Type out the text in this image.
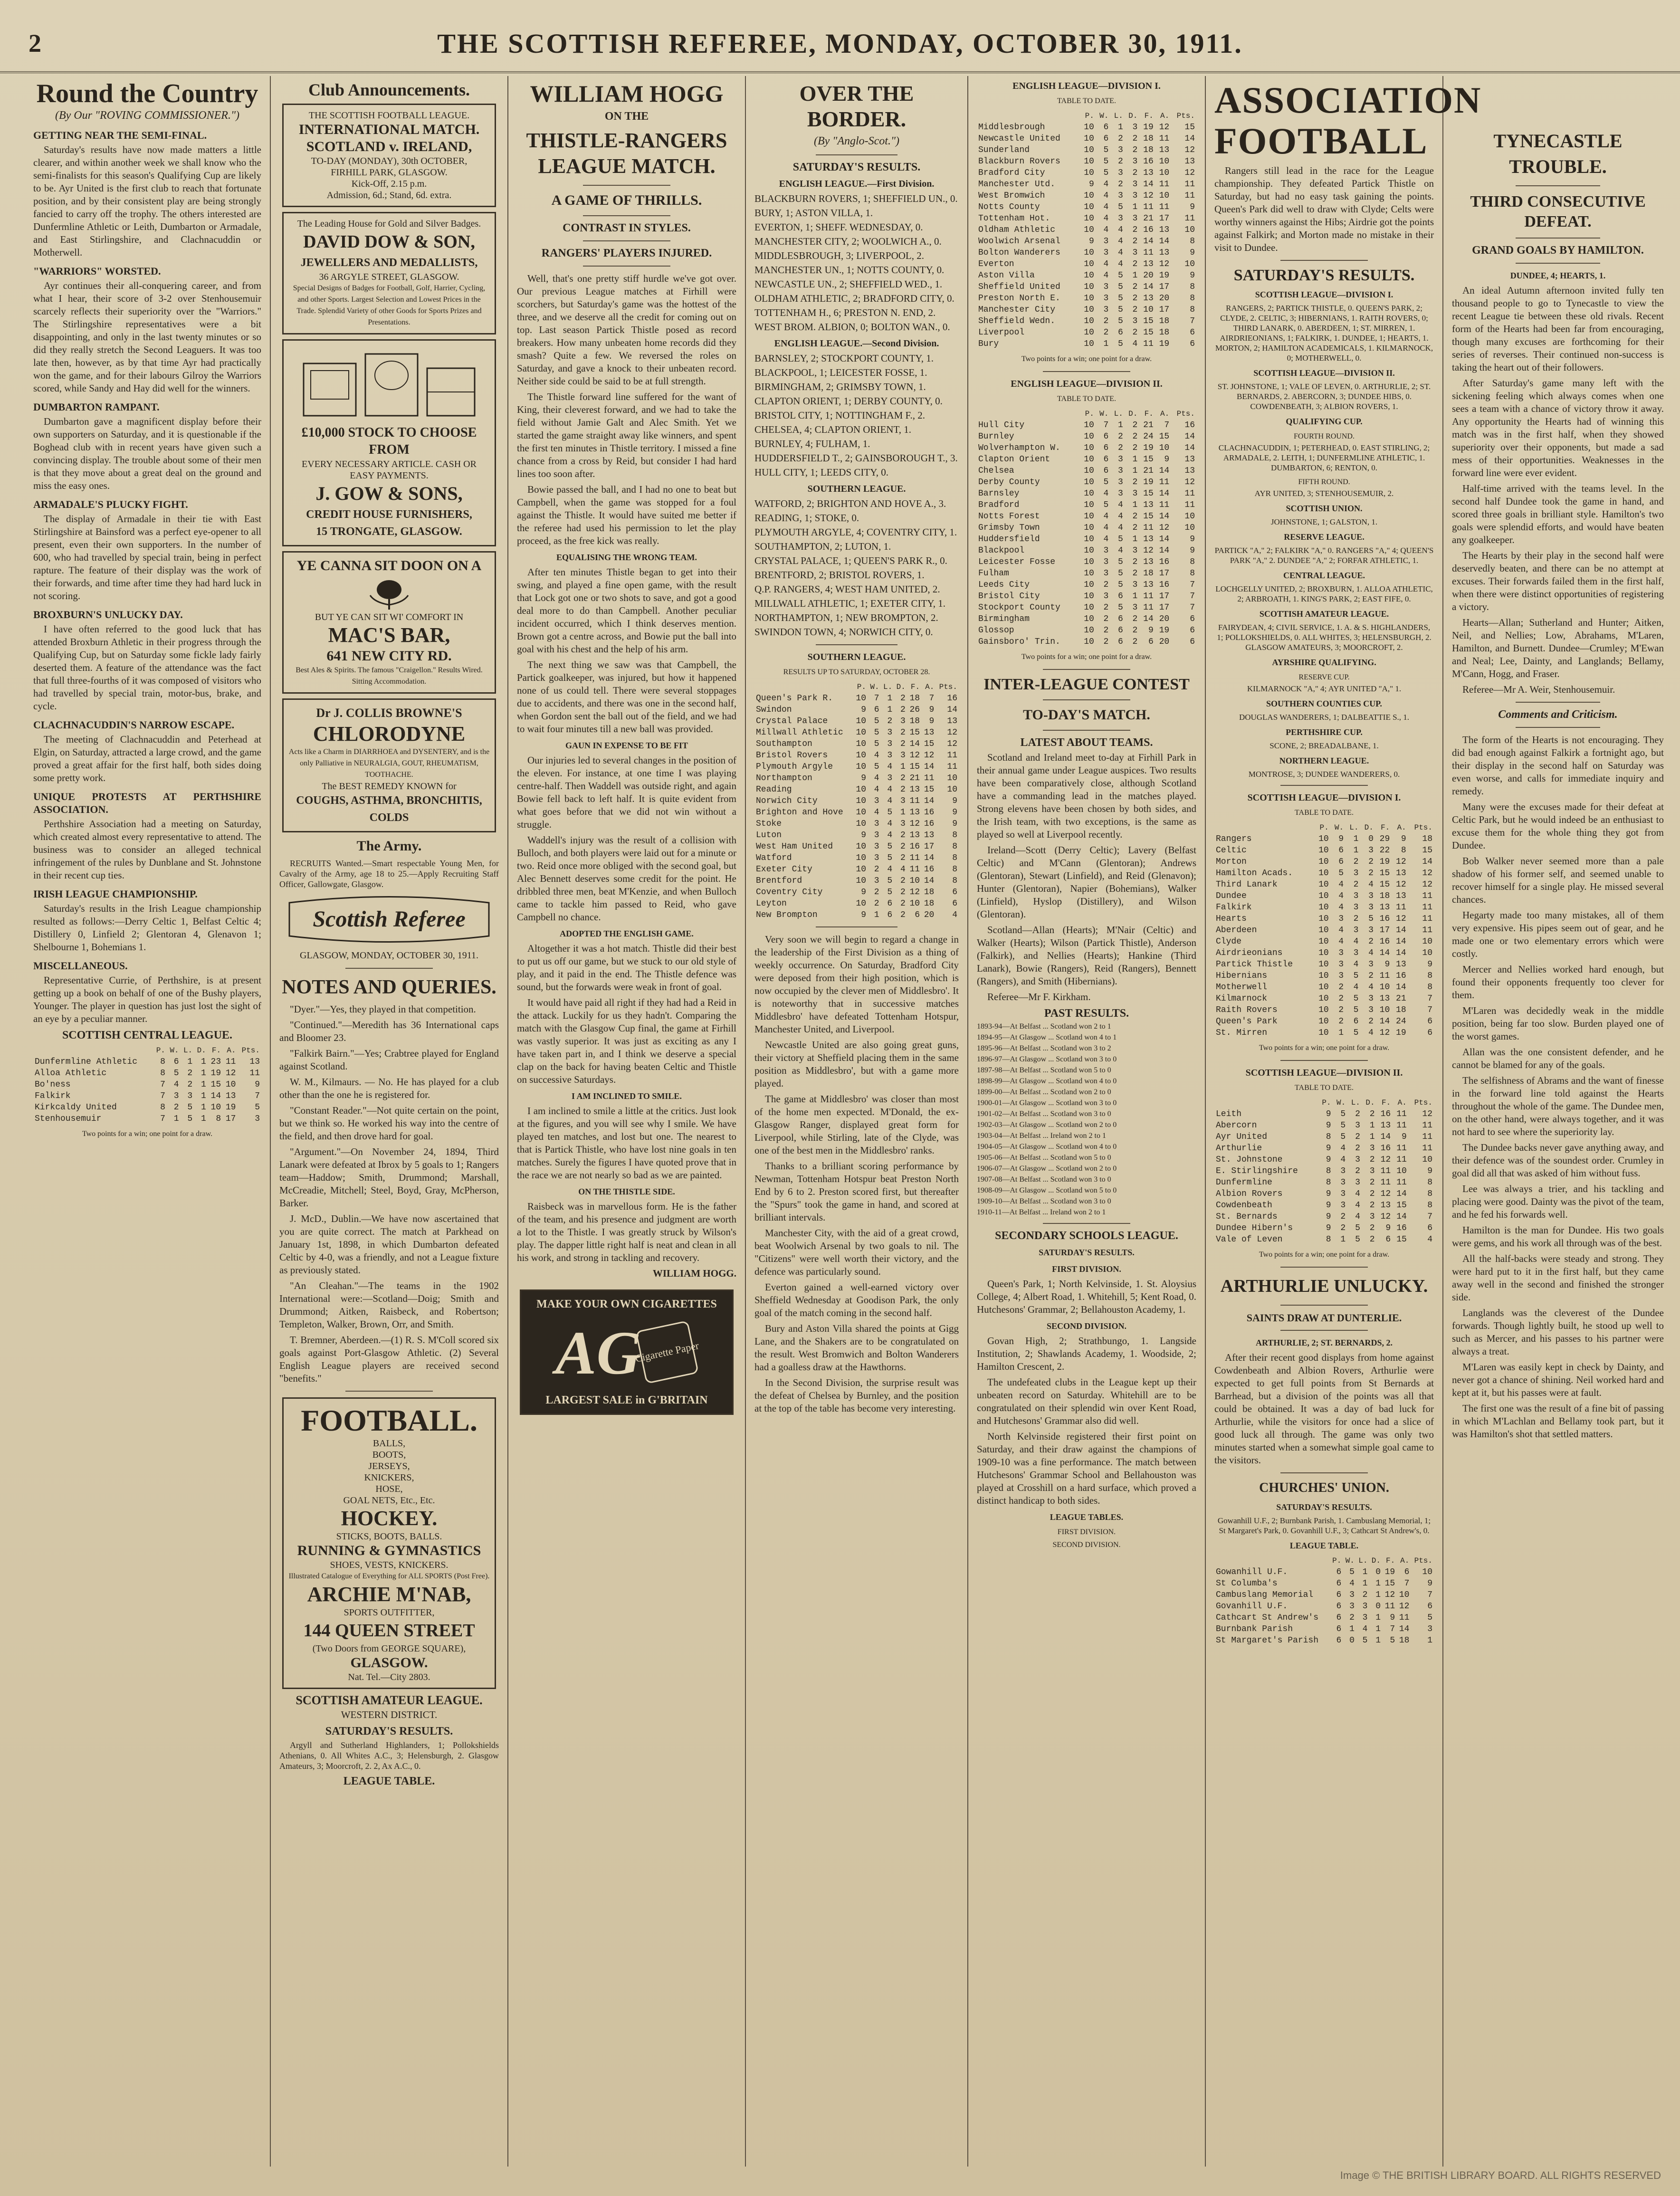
2	THE SCOTTISH REFEREE, MONDAY, OCTOBER 30, 1911.
Round the Country
(By Our "ROVING COMMISSIONER.")
GETTING NEAR THE SEMI-FINAL.

Saturday's results have now made matters a little clearer, and within another week we shall know who the semi-finalists for this season's Qualifying Cup are likely to be. Ayr United is the first club to reach that fortunate position, and by their consistent play are being strongly fancied to carry off the trophy. The others interested are Dunfermline Athletic or Leith, Dumbarton or Armadale, and East Stirlingshire, and Clachnacuddin or Motherwell.

"WARRIORS" WORSTED.

Ayr continues their all-conquering career, and from what I hear, their score of 3-2 over Stenhousemuir scarcely reflects their superiority over the "Warriors." The Stirlingshire representatives were a bit disappointing, and only in the last twenty minutes or so did they really stretch the Second Leaguers. It was too late then, however, as by that time Ayr had practically won the game, and for their labours Gilroy the Warriors scored, while Sandy and Hay did well for the winners.

DUMBARTON RAMPANT.

Dumbarton gave a magnificent display before their own supporters on Saturday, and it is questionable if the Boghead club with in recent years have given such a convincing display. The trouble about some of their men is that they move about a great deal on the ground and miss the easy ones.

ARMADALE'S PLUCKY FIGHT.

The display of Armadale in their tie with East Stirlingshire at Bainsford was a perfect eye-opener to all present, even their own supporters. In the number of 600, who had travelled by special train, being in perfect rapture. The feature of their display was the work of their forwards, and time after time they had hard luck in not scoring.

BROXBURN'S UNLUCKY DAY.

I have often referred to the good luck that has attended Broxburn Athletic in their progress through the Qualifying Cup, but on Saturday some fickle lady fairly deserted them. A feature of the attendance was the fact that full three-fourths of it was composed of visitors who had travelled by special train, motor-bus, brake, and cycle.

CLACHNACUDDIN'S NARROW ESCAPE.

The meeting of Clachnacuddin and Peterhead at Elgin, on Saturday, attracted a large crowd, and the game proved a great affair for the first half, both sides doing some pretty work.

UNIQUE PROTESTS AT PERTHSHIRE ASSOCIATION.

Perthshire Association had a meeting on Saturday, which created almost every representative to attend. The business was to consider an alleged technical infringement of the rules by Dunblane and St. Johnstone in their recent cup ties.

IRISH LEAGUE CHAMPIONSHIP.

Saturday's results in the Irish League championship resulted as follows:—Derry Celtic 1, Belfast Celtic 4; Distillery 0, Linfield 2; Glentoran 4, Glenavon 1; Shelbourne 1, Bohemians 1.

MISCELLANEOUS.

Representative Currie, of Perthshire, is at present getting up a book on behalf of one of the Bushy players, Younger. The player in question has just lost the sight of an eye by a peculiar manner.

SCOTTISH CENTRAL LEAGUE.
	P.	W.	L.	D.	F.	A.	Pts.
Dunfermline Athletic	8	6	1	1	23	11	13
Alloa Athletic	8	5	2	1	19	12	11
Bo'ness	7	4	2	1	15	10	9
Falkirk	7	3	3	1	14	13	7
Kirkcaldy United	8	2	5	1	10	19	5
Stenhousemuir	7	1	5	1	8	17	3
Two points for a win; one point for a draw.
Club Announcements.
THE SCOTTISH FOOTBALL LEAGUE.
INTERNATIONAL MATCH.
SCOTLAND v. IRELAND,
TO-DAY (MONDAY), 30th OCTOBER,
FIRHILL PARK, GLASGOW.
Kick-Off, 2.15 p.m.
Admission, 6d.; Stand, 6d. extra.
The Leading House for Gold and Silver Badges.
DAVID DOW & SON,
JEWELLERS AND MEDALLISTS,
36 ARGYLE STREET, GLASGOW.
Special Designs of Badges for Football, Golf, Harrier, Cycling, and other Sports. Largest Selection and Lowest Prices in the Trade. Splendid Variety of other Goods for Sports Prizes and Presentations.
£10,000 STOCK TO CHOOSE FROM
EVERY NECESSARY ARTICLE. CASH OR EASY PAYMENTS.
J. GOW & SONS,
CREDIT HOUSE FURNISHERS,
15 TRONGATE, GLASGOW.
YE CANNA SIT DOON ON A
BUT YE CAN SIT WI' COMFORT IN
MAC'S BAR,
641 NEW CITY RD.
Best Ales & Spirits. The famous "Craigellon." Results Wired. Sitting Accommodation.
Dr J. COLLIS BROWNE'S
CHLORODYNE
Acts like a Charm in DIARRHOEA and DYSENTERY, and is the only Palliative in NEURALGIA, GOUT, RHEUMATISM, TOOTHACHE.
The BEST REMEDY KNOWN for
COUGHS, ASTHMA, BRONCHITIS, COLDS
The Army.

RECRUITS Wanted.—Smart respectable Young Men, for Cavalry of the Army, age 18 to 25.—Apply Recruiting Staff Officer, Gallowgate, Glasgow.

Scottish Referee
GLASGOW, MONDAY, OCTOBER 30, 1911.
NOTES AND QUERIES.

"Dyer."—Yes, they played in that competition.

"Continued."—Meredith has 36 International caps and Bloomer 23.

"Falkirk Bairn."—Yes; Crabtree played for England against Scotland.

W. M., Kilmaurs. — No. He has played for a club other than the one he is registered for.

"Constant Reader."—Not quite certain on the point, but we think so. He worked his way into the centre of the field, and then drove hard for goal.

"Argument."—On November 24, 1894, Third Lanark were defeated at Ibrox by 5 goals to 1; Rangers team—Haddow; Smith, Drummond; Marshall, McCreadie, Mitchell; Steel, Boyd, Gray, McPherson, Barker.

J. McD., Dublin.—We have now ascertained that you are quite correct. The match at Parkhead on January 1st, 1898, in which Dumbarton defeated Celtic by 4-0, was a friendly, and not a League fixture as previously stated.

"An Cleahan."—The teams in the 1902 International were:—Scotland—Doig; Smith and Drummond; Aitken, Raisbeck, and Robertson; Templeton, Walker, Brown, Orr, and Smith.

T. Bremner, Aberdeen.—(1) R. S. M'Coll scored six goals against Port-Glasgow Athletic. (2) Several English League players are received second "benefits."

FOOTBALL.
BALLS,
BOOTS,
JERSEYS,
KNICKERS,
HOSE,
GOAL NETS, Etc., Etc.
HOCKEY.
STICKS, BOOTS, BALLS.
RUNNING & GYMNASTICS
SHOES, VESTS, KNICKERS.
Illustrated Catalogue of Everything for ALL SPORTS (Post Free).
ARCHIE M'NAB,
SPORTS OUTFITTER,
144 QUEEN STREET
(Two Doors from GEORGE SQUARE),
GLASGOW.
Nat. Tel.—City 2803.
SCOTTISH AMATEUR LEAGUE.
WESTERN DISTRICT.
SATURDAY'S RESULTS.

Argyll and Sutherland Highlanders, 1; Pollokshields Athenians, 0. All Whites A.C., 3; Helensburgh, 2. Glasgow Amateurs, 3; Moorcroft, 2. 2, Ax A.C., 0.

LEAGUE TABLE.
WILLIAM HOGG
ON THE
THISTLE-RANGERS LEAGUE MATCH.
A GAME OF THRILLS.
CONTRAST IN STYLES.
RANGERS' PLAYERS INJURED.

Well, that's one pretty stiff hurdle we've got over. Our previous League matches at Firhill were scorchers, but Saturday's game was the hottest of the three, and we deserve all the credit for coming out on top. Last season Partick Thistle posed as record breakers. How many unbeaten home records did they smash? Quite a few. We reversed the roles on Saturday, and gave a knock to their unbeaten record. Neither side could be said to be at full strength.

The Thistle forward line suffered for the want of King, their cleverest forward, and we had to take the field without Jamie Galt and Alec Smith. Yet we started the game straight away like winners, and spent the first ten minutes in Thistle territory. I missed a fine chance from a cross by Reid, but consider I had hard lines too soon after.

Bowie passed the ball, and I had no one to beat but Campbell, when the game was stopped for a foul against the Thistle. It would have suited me better if the referee had used his permission to let the play proceed, as the free kick was really.

EQUALISING THE WRONG TEAM.

After ten minutes Thistle began to get into their swing, and played a fine open game, with the result that Lock got one or two shots to save, and got a good deal more to do than Campbell. Another peculiar incident occurred, which I think deserves mention. Brown got a centre across, and Bowie put the ball into goal with his chest and the help of his arm.

The next thing we saw was that Campbell, the Partick goalkeeper, was injured, but how it happened none of us could tell. There were several stoppages due to accidents, and there was one in the second half, when Gordon sent the ball out of the field, and we had to wait four minutes till a new ball was provided.

GAUN IN EXPENSE TO BE FIT

Our injuries led to several changes in the position of the eleven. For instance, at one time I was playing centre-half. Then Waddell was outside right, and again Bowie fell back to left half. It is quite evident from what goes before that we did not win without a struggle.

Waddell's injury was the result of a collision with Bulloch, and both players were laid out for a minute or two. Reid once more obliged with the second goal, but Alec Bennett deserves some credit for the point. He dribbled three men, beat M'Kenzie, and when Bulloch came to tackle him passed to Reid, who gave Campbell no chance.

ADOPTED THE ENGLISH GAME.

Altogether it was a hot match. Thistle did their best to put us off our game, but we stuck to our old style of play, and it paid in the end. The Thistle defence was sound, but the forwards were weak in front of goal.

It would have paid all right if they had had a Reid in the attack. Luckily for us they hadn't. Comparing the match with the Glasgow Cup final, the game at Firhill was vastly superior. It was just as exciting as any I have taken part in, and I think we deserve a special clap on the back for having beaten Celtic and Thistle on successive Saturdays.

I AM INCLINED TO SMILE.

I am inclined to smile a little at the critics. Just look at the figures, and you will see why I smile. We have played ten matches, and lost but one. The nearest to that is Partick Thistle, who have lost nine goals in ten matches. Surely the figures I have quoted prove that in the race we are not nearly so bad as we are painted.

ON THE THISTLE SIDE.

Raisbeck was in marvellous form. He is the father of the team, and his presence and judgment are worth a lot to the Thistle. I was greatly struck by Wilson's play. The dapper little right half is neat and clean in all his work, and strong in tackling and recovery.

WILLIAM HOGG.

MAKE YOUR OWN CIGARETTES
AG
Cigarette Paper
LARGEST SALE in G'BRITAIN
OVER THE BORDER.
(By "Anglo-Scot.")
SATURDAY'S RESULTS.
ENGLISH LEAGUE.—First Division.

BLACKBURN ROVERS, 1; SHEFFIELD UN., 0.

BURY, 1; ASTON VILLA, 1.

EVERTON, 1; SHEFF. WEDNESDAY, 0.

MANCHESTER CITY, 2; WOOLWICH A., 0.

MIDDLESBROUGH, 3; LIVERPOOL, 2.

MANCHESTER UN., 1; NOTTS COUNTY, 0.

NEWCASTLE UN., 2; SHEFFIELD WED., 1.

OLDHAM ATHLETIC, 2; BRADFORD CITY, 0.

TOTTENHAM H., 6; PRESTON N. END, 2.

WEST BROM. ALBION, 0; BOLTON WAN., 0.

ENGLISH LEAGUE.—Second Division.

BARNSLEY, 2; STOCKPORT COUNTY, 1.

BLACKPOOL, 1; LEICESTER FOSSE, 1.

BIRMINGHAM, 2; GRIMSBY TOWN, 1.

CLAPTON ORIENT, 1; DERBY COUNTY, 0.

BRISTOL CITY, 1; NOTTINGHAM F., 2.

CHELSEA, 4; CLAPTON ORIENT, 1.

BURNLEY, 4; FULHAM, 1.

HUDDERSFIELD T., 2; GAINSBOROUGH T., 3.

HULL CITY, 1; LEEDS CITY, 0.

SOUTHERN LEAGUE.

WATFORD, 2; BRIGHTON AND HOVE A., 3.

READING, 1; STOKE, 0.

PLYMOUTH ARGYLE, 4; COVENTRY CITY, 1.

SOUTHAMPTON, 2; LUTON, 1.

CRYSTAL PALACE, 1; QUEEN'S PARK R., 0.

BRENTFORD, 2; BRISTOL ROVERS, 1.

Q.P. RANGERS, 4; WEST HAM UNITED, 2.

MILLWALL ATHLETIC, 1; EXETER CITY, 1.

NORTHAMPTON, 1; NEW BROMPTON, 2.

SWINDON TOWN, 4; NORWICH CITY, 0.

SOUTHERN LEAGUE.
RESULTS UP TO SATURDAY, OCTOBER 28.
	P.	W.	L.	D.	F.	A.	Pts.
Queen's Park R.	10	7	1	2	18	7	16
Swindon	9	6	1	2	26	9	14
Crystal Palace	10	5	2	3	18	9	13
Millwall Athletic	10	5	3	2	15	13	12
Southampton	10	5	3	2	14	15	12
Bristol Rovers	10	4	3	3	12	12	11
Plymouth Argyle	10	5	4	1	15	14	11
Northampton	9	4	3	2	21	11	10
Reading	10	4	4	2	13	15	10
Norwich City	10	3	4	3	11	14	9
Brighton and Hove	10	4	5	1	13	16	9
Stoke	10	3	4	3	12	16	9
Luton	9	3	4	2	13	13	8
West Ham United	10	3	5	2	16	17	8
Watford	10	3	5	2	11	14	8
Exeter City	10	2	4	4	11	16	8
Brentford	10	3	5	2	10	14	8
Coventry City	9	2	5	2	12	18	6
Leyton	10	2	6	2	10	18	6
New Brompton	9	1	6	2	6	20	4

Very soon we will begin to regard a change in the leadership of the First Division as a thing of weekly occurrence. On Saturday, Bradford City were deposed from their high position, which is now occupied by the clever men of Middlesbro'. It is noteworthy that in successive matches Middlesbro' have defeated Tottenham Hotspur, Manchester United, and Liverpool.

Newcastle United are also going great guns, their victory at Sheffield placing them in the same position as Middlesbro', but with a game more played.

The game at Middlesbro' was closer than most of the home men expected. M'Donald, the ex-Glasgow Ranger, displayed great form for Liverpool, while Stirling, late of the Clyde, was one of the best men in the Middlesbro' ranks.

Thanks to a brilliant scoring performance by Newman, Tottenham Hotspur beat Preston North End by 6 to 2. Preston scored first, but thereafter the "Spurs" took the game in hand, and scored at brilliant intervals.

Manchester City, with the aid of a great crowd, beat Woolwich Arsenal by two goals to nil. The "Citizens" were well worth their victory, and the defence was particularly sound.

Everton gained a well-earned victory over Sheffield Wednesday at Goodison Park, the only goal of the match coming in the second half.

Bury and Aston Villa shared the points at Gigg Lane, and the Shakers are to be congratulated on the result. West Bromwich and Bolton Wanderers had a goalless draw at the Hawthorns.

In the Second Division, the surprise result was the defeat of Chelsea by Burnley, and the position at the top of the table has become very interesting.

ENGLISH LEAGUE—DIVISION I.
TABLE TO DATE.
	P.	W.	L.	D.	F.	A.	Pts.
Middlesbrough	10	6	1	3	19	12	15
Newcastle United	10	6	2	2	18	11	14
Sunderland	10	5	3	2	18	13	12
Blackburn Rovers	10	5	2	3	16	10	13
Bradford City	10	5	3	2	13	10	12
Manchester Utd.	9	4	2	3	14	11	11
West Bromwich	10	4	3	3	12	10	11
Notts County	10	4	5	1	11	11	9
Tottenham Hot.	10	4	3	3	21	17	11
Oldham Athletic	10	4	4	2	16	13	10
Woolwich Arsenal	9	3	4	2	14	14	8
Bolton Wanderers	10	3	4	3	11	13	9
Everton	10	4	4	2	13	12	10
Aston Villa	10	4	5	1	20	19	9
Sheffield United	10	3	5	2	14	17	8
Preston North E.	10	3	5	2	13	20	8
Manchester City	10	3	5	2	10	17	8
Sheffield Wedn.	10	2	5	3	15	18	7
Liverpool	10	2	6	2	15	18	6
Bury	10	1	5	4	11	19	6
Two points for a win; one point for a draw.
ENGLISH LEAGUE—DIVISION II.
TABLE TO DATE.
	P.	W.	L.	D.	F.	A.	Pts.
Hull City	10	7	1	2	21	7	16
Burnley	10	6	2	2	24	15	14
Wolverhampton W.	10	6	2	2	19	10	14
Clapton Orient	10	6	3	1	15	9	13
Chelsea	10	6	3	1	21	14	13
Derby County	10	5	3	2	19	11	12
Barnsley	10	4	3	3	15	14	11
Bradford	10	5	4	1	13	11	11
Notts Forest	10	4	4	2	15	14	10
Grimsby Town	10	4	4	2	11	12	10
Huddersfield	10	4	5	1	13	14	9
Blackpool	10	3	4	3	12	14	9
Leicester Fosse	10	3	5	2	13	16	8
Fulham	10	3	5	2	18	17	8
Leeds City	10	2	5	3	13	16	7
Bristol City	10	3	6	1	11	17	7
Stockport County	10	2	5	3	11	17	7
Birmingham	10	2	6	2	14	20	6
Glossop	10	2	6	2	9	19	6
Gainsboro' Trin.	10	2	6	2	6	20	6
Two points for a win; one point for a draw.
INTER-LEAGUE CONTEST
TO-DAY'S MATCH.
LATEST ABOUT TEAMS.

Scotland and Ireland meet to-day at Firhill Park in their annual game under League auspices. Two results have been comparatively close, although Scotland have a commanding lead in the matches played. Strong elevens have been chosen by both sides, and the Irish team, with two exceptions, is the same as played so well at Liverpool recently.

Ireland—Scott (Derry Celtic); Lavery (Belfast Celtic) and M'Cann (Glentoran); Andrews (Glentoran), Stewart (Linfield), and Reid (Glenavon); Hunter (Glentoran), Napier (Bohemians), Walker (Linfield), Hyslop (Distillery), and Wilson (Glentoran).

Scotland—Allan (Hearts); M'Nair (Celtic) and Walker (Hearts); Wilson (Partick Thistle), Anderson (Falkirk), and Nellies (Hearts); Hankine (Third Lanark), Bowie (Rangers), Reid (Rangers), Bennett (Rangers), and Smith (Hibernians).

Referee—Mr F. Kirkham.

PAST RESULTS.

1893-94—At Belfast ... Scotland won 2 to 1

1894-95—At Glasgow ... Scotland won 4 to 1

1895-96—At Belfast ... Scotland won 3 to 2

1896-97—At Glasgow ... Scotland won 3 to 0

1897-98—At Belfast ... Scotland won 5 to 0

1898-99—At Glasgow ... Scotland won 4 to 0

1899-00—At Belfast ... Scotland won 2 to 0

1900-01—At Glasgow ... Scotland won 3 to 0

1901-02—At Belfast ... Scotland won 3 to 0

1902-03—At Glasgow ... Scotland won 2 to 0

1903-04—At Belfast ... Ireland won 2 to 1

1904-05—At Glasgow ... Scotland won 4 to 0

1905-06—At Belfast ... Scotland won 5 to 0

1906-07—At Glasgow ... Scotland won 2 to 0

1907-08—At Belfast ... Scotland won 3 to 0

1908-09—At Glasgow ... Scotland won 5 to 0

1909-10—At Belfast ... Scotland won 3 to 0

1910-11—At Belfast ... Ireland won 2 to 1

SECONDARY SCHOOLS LEAGUE.
SATURDAY'S RESULTS.
FIRST DIVISION.

Queen's Park, 1; North Kelvinside, 1. St. Aloysius College, 4; Albert Road, 1. Whitehill, 5; Kent Road, 0. Hutchesons' Grammar, 2; Bellahouston Academy, 1.

SECOND DIVISION.

Govan High, 2; Strathbungo, 1. Langside Institution, 2; Shawlands Academy, 1. Woodside, 2; Hamilton Crescent, 2.

The undefeated clubs in the League kept up their unbeaten record on Saturday. Whitehill are to be congratulated on their splendid win over Kent Road, and Hutchesons' Grammar also did well.

North Kelvinside registered their first point on Saturday, and their draw against the champions of 1909-10 was a fine performance. The match between Hutchesons' Grammar School and Bellahouston was played at Crosshill on a hard surface, which proved a distinct handicap to both sides.

LEAGUE TABLES.
FIRST DIVISION.
SECOND DIVISION.
ASSOCIATION FOOTBALL

Rangers still lead in the race for the League championship. They defeated Partick Thistle on Saturday, but had no easy task gaining the points. Queen's Park did well to draw with Clyde; Celts were worthy winners against the Hibs; Airdrie got the points against Falkirk; and Morton made no mistake in their visit to Dundee.

SATURDAY'S RESULTS.
SCOTTISH LEAGUE—DIVISION I.

RANGERS, 2; PARTICK THISTLE, 0. QUEEN'S PARK, 2; CLYDE, 2. CELTIC, 3; HIBERNIANS, 1. RAITH ROVERS, 0; THIRD LANARK, 0. ABERDEEN, 1; ST. MIRREN, 1. AIRDRIEONIANS, 1; FALKIRK, 1. DUNDEE, 1; HEARTS, 1. MORTON, 2; HAMILTON ACADEMICALS, 1. KILMARNOCK, 0; MOTHERWELL, 0.

SCOTTISH LEAGUE—DIVISION II.

ST. JOHNSTONE, 1; VALE OF LEVEN, 0. ARTHURLIE, 2; ST. BERNARDS, 2. ABERCORN, 3; DUNDEE HIBS, 0. COWDENBEATH, 3; ALBION ROVERS, 1.

QUALIFYING CUP.
FOURTH ROUND.

CLACHNACUDDIN, 1; PETERHEAD, 0. EAST STIRLING, 2; ARMADALE, 2. LEITH, 1; DUNFERMLINE ATHLETIC, 1. DUMBARTON, 6; RENTON, 0.

FIFTH ROUND.

AYR UNITED, 3; STENHOUSEMUIR, 2.

SCOTTISH UNION.

JOHNSTONE, 1; GALSTON, 1.

RESERVE LEAGUE.

PARTICK "A," 2; FALKIRK "A," 0. RANGERS "A," 4; QUEEN'S PARK "A," 2. DUNDEE "A," 2; FORFAR ATHLETIC, 1.

CENTRAL LEAGUE.

LOCHGELLY UNITED, 2; BROXBURN, 1. ALLOA ATHLETIC, 2; ARBROATH, 1. KING'S PARK, 2; EAST FIFE, 0.

SCOTTISH AMATEUR LEAGUE.

FAIRYDEAN, 4; CIVIL SERVICE, 1. A. & S. HIGHLANDERS, 1; POLLOKSHIELDS, 0. ALL WHITES, 3; HELENSBURGH, 2. GLASGOW AMATEURS, 3; MOORCROFT, 2.

AYRSHIRE QUALIFYING.
RESERVE CUP.

KILMARNOCK "A," 4; AYR UNITED "A," 1.

SOUTHERN COUNTIES CUP.

DOUGLAS WANDERERS, 1; DALBEATTIE S., 1.

PERTHSHIRE CUP.

SCONE, 2; BREADALBANE, 1.

NORTHERN LEAGUE.

MONTROSE, 3; DUNDEE WANDERERS, 0.

SCOTTISH LEAGUE—DIVISION I.
TABLE TO DATE.
	P.	W.	L.	D.	F.	A.	Pts.
Rangers	10	9	1	0	29	9	18
Celtic	10	6	1	3	22	8	15
Morton	10	6	2	2	19	12	14
Hamilton Acads.	10	5	3	2	15	13	12
Third Lanark	10	4	2	4	15	12	12
Dundee	10	4	3	3	18	13	11
Falkirk	10	4	3	3	13	11	11
Hearts	10	3	2	5	16	12	11
Aberdeen	10	4	3	3	17	14	11
Clyde	10	4	4	2	16	14	10
Airdrieonians	10	3	3	4	14	14	10
Partick Thistle	10	3	4	3	9	13	9
Hibernians	10	3	5	2	11	16	8
Motherwell	10	2	4	4	10	14	8
Kilmarnock	10	2	5	3	13	21	7
Raith Rovers	10	2	5	3	10	18	7
Queen's Park	10	2	6	2	14	24	6
St. Mirren	10	1	5	4	12	19	6
Two points for a win; one point for a draw.
SCOTTISH LEAGUE—DIVISION II.
TABLE TO DATE.
	P.	W.	L.	D.	F.	A.	Pts.
Leith	9	5	2	2	16	11	12
Abercorn	9	5	3	1	13	11	11
Ayr United	8	5	2	1	14	9	11
Arthurlie	9	4	2	3	16	11	11
St. Johnstone	9	4	3	2	12	11	10
E. Stirlingshire	8	3	2	3	11	10	9
Dunfermline	8	3	3	2	11	11	8
Albion Rovers	9	3	4	2	12	14	8
Cowdenbeath	9	3	4	2	13	15	8
St. Bernards	9	2	4	3	12	14	7
Dundee Hibern's	9	2	5	2	9	16	6
Vale of Leven	8	1	5	2	6	15	4
Two points for a win; one point for a draw.
ARTHURLIE UNLUCKY.
SAINTS DRAW AT DUNTERLIE.
ARTHURLIE, 2; ST. BERNARDS, 2.

After their recent good displays from home against Cowdenbeath and Albion Rovers, Arthurlie were expected to get full points from St Bernards at Barrhead, but a division of the points was all that could be obtained. It was a day of bad luck for Arthurlie, while the visitors for once had a slice of good luck all through. The game was only two minutes started when a somewhat simple goal came to the visitors.

CHURCHES' UNION.
SATURDAY'S RESULTS.

Gowanhill U.F., 2; Burnbank Parish, 1. Cambuslang Memorial, 1; St Margaret's Park, 0. Govanhill U.F., 3; Cathcart St Andrew's, 0.

LEAGUE TABLE.
	P.	W.	L.	D.	F.	A.	Pts.
Gowanhill U.F.	6	5	1	0	19	6	10
St Columba's	6	4	1	1	15	7	9
Cambuslang Memorial	6	3	2	1	12	10	7
Govanhill U.F.	6	3	3	0	11	12	6
Cathcart St Andrew's	6	2	3	1	9	11	5
Burnbank Parish	6	1	4	1	7	14	3
St Margaret's Parish	6	0	5	1	5	18	1
TYNECASTLE TROUBLE.
THIRD CONSECUTIVE DEFEAT.
GRAND GOALS BY HAMILTON.
DUNDEE, 4; HEARTS, 1.

An ideal Autumn afternoon invited fully ten thousand people to go to Tynecastle to view the recent League tie between these old rivals. Recent form of the Hearts had been far from encouraging, though many excuses are forthcoming for their series of reverses. Their continued non-success is taking the heart out of their followers.

After Saturday's game many left with the sickening feeling which always comes when one sees a team with a chance of victory throw it away. Any opportunity the Hearts had of winning this match was in the first half, when they showed superiority over their opponents, but made a sad mess of their opportunities. Weaknesses in the forward line were ever evident.

Half-time arrived with the teams level. In the second half Dundee took the game in hand, and scored three goals in brilliant style. Hamilton's two goals were splendid efforts, and would have beaten any goalkeeper.

The Hearts by their play in the second half were deservedly beaten, and there can be no attempt at excuses. Their forwards failed them in the first half, when there were distinct opportunities of registering a victory.

Hearts—Allan; Sutherland and Hunter; Aitken, Neil, and Nellies; Low, Abrahams, M'Laren, Hamilton, and Burnett. Dundee—Crumley; M'Ewan and Neal; Lee, Dainty, and Langlands; Bellamy, M'Cann, Hogg, and Fraser.

Referee—Mr A. Weir, Stenhousemuir.

Comments and Criticism.

The form of the Hearts is not encouraging. They did bad enough against Falkirk a fortnight ago, but their display in the second half on Saturday was even worse, and calls for immediate inquiry and remedy.

Many were the excuses made for their defeat at Celtic Park, but he would indeed be an enthusiast to excuse them for the whole thing they got from Dundee.

Bob Walker never seemed more than a pale shadow of his former self, and seemed unable to recover himself for a single play. He missed several chances.

Hegarty made too many mistakes, all of them very expensive. His pipes seem out of gear, and he made one or two elementary errors which were costly.

Mercer and Nellies worked hard enough, but found their opponents frequently too clever for them.

M'Laren was decidedly weak in the middle position, being far too slow. Burden played one of the worst games.

Allan was the one consistent defender, and he cannot be blamed for any of the goals.

The selfishness of Abrams and the want of finesse in the forward line told against the Hearts throughout the whole of the game. The Dundee men, on the other hand, were always together, and it was not hard to see where the superiority lay.

The Dundee backs never gave anything away, and their defence was of the soundest order. Crumley in goal did all that was asked of him without fuss.

Lee was always a trier, and his tackling and placing were good. Dainty was the pivot of the team, and he fed his forwards well.

Hamilton is the man for Dundee. His two goals were gems, and his work all through was of the best.

All the half-backs were steady and strong. They were hard put to it in the first half, but they came away well in the second and finished the stronger side.

Langlands was the cleverest of the Dundee forwards. Though lightly built, he stood up well to such as Mercer, and his passes to his partner were always a treat.

M'Laren was easily kept in check by Dainty, and never got a chance of shining. Neil worked hard and kept at it, but his passes were at fault.

The first one was the result of a fine bit of passing in which M'Lachlan and Bellamy took part, but it was Hamilton's shot that settled matters.

Image © THE BRITISH LIBRARY BOARD. ALL RIGHTS RESERVED
